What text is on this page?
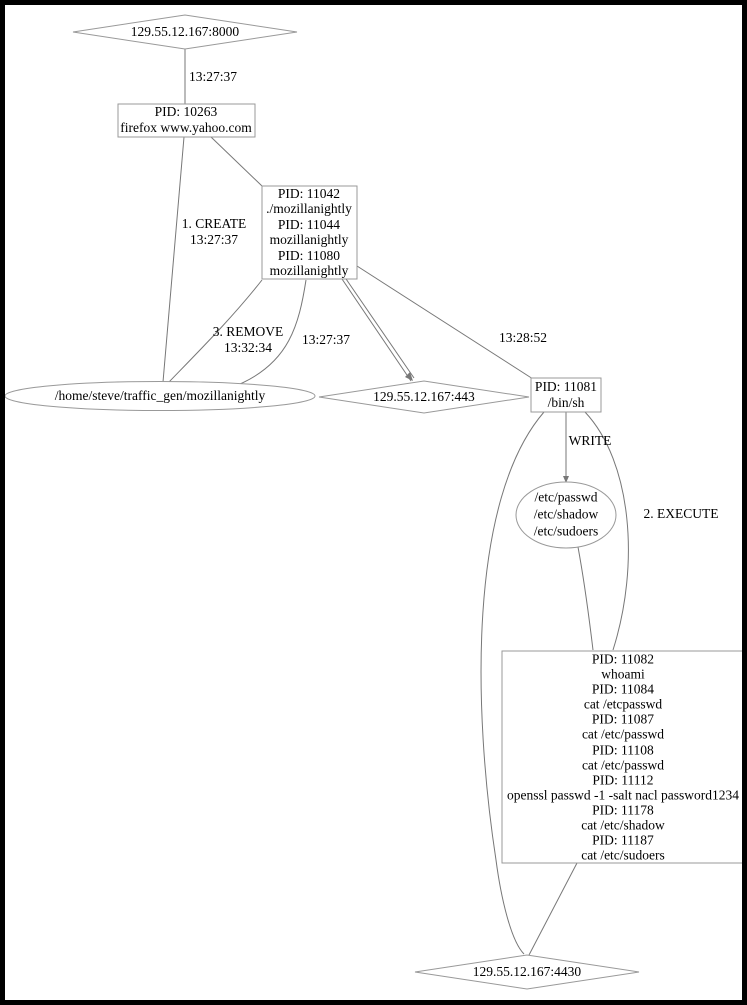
129.55.12.167:8000
PID: 10263
firefox www.yahoo.com
PID: 11042
./mozillanightly
PID: 11044
mozillanightly
PID: 11080
mozillanightly
/home/steve/traffic_gen/mozillanightly	129.55.12.167:443
PID: 11081
/bin/sh
/etc/passwd
/etc/shadow
/etc/sudoers
PID: 11082
whoami
PID: 11084
cat /etcpasswd
PID: 11087
cat /etc/passwd
PID: 11108
cat /etc/passwd
PID: 11112
openssl passwd -1 -salt nacl password1234
PID: 11178
cat /etc/shadow
PID: 11187
cat /etc/sudoers
129.55.12.167:4430
13:27:37
1. CREATE
13:27:37
3. REMOVE
13:32:34
13:27:37	13:28:52
WRITE
2. EXECUTE
